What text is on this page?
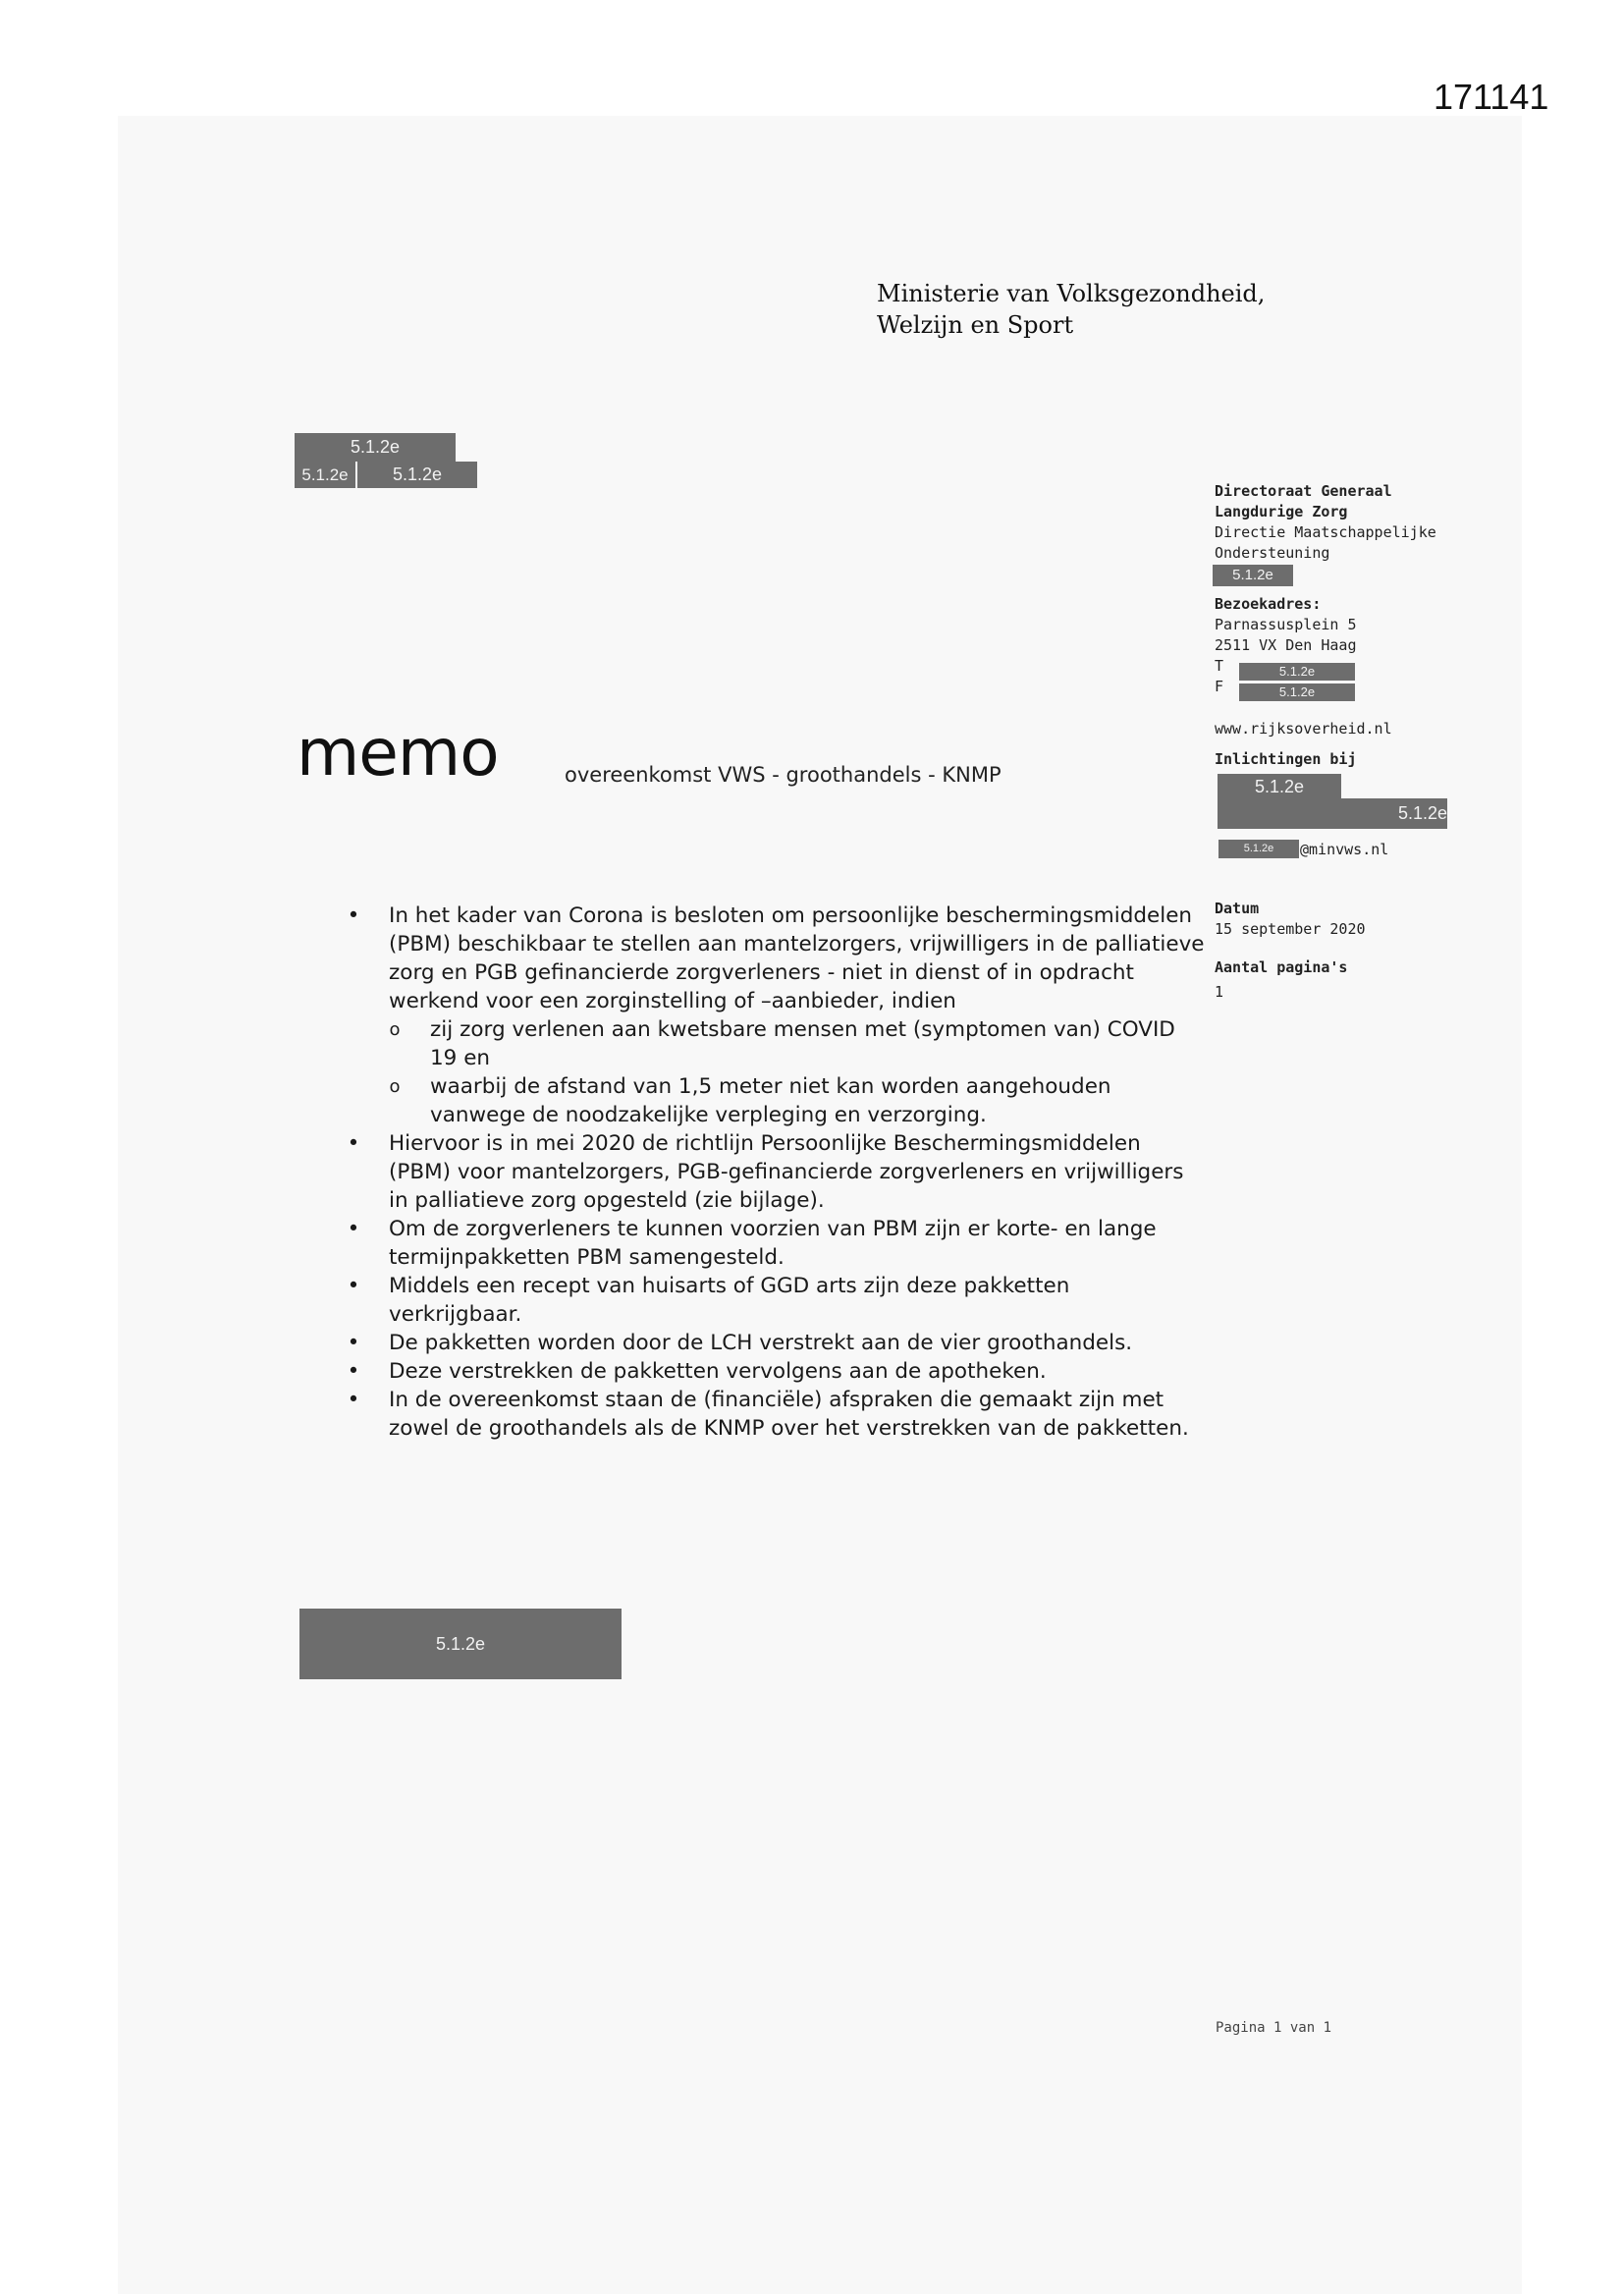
171141
Ministerie van Volksgezondheid,
Welzijn en Sport
5.1.2e
5.1.2e	5.1.2e
Directoraat Generaal
Langdurige Zorg
Directie Maatschappelijke
Ondersteuning
Bezoekadres:
Parnassusplein 5
2511 VX Den Haag
T
F
www.rijksoverheid.nl
Inlichtingen bij
5.1.2e
5.1.2e
5.1.2e
5.1.2e
5.1.2e
5.1.2e	@minvws.nl
Datum
15 september 2020
Aantal pagina's
1
memo	overeenkomst VWS - groothandels - KNMP
• In het kader van Corona is besloten om persoonlijke beschermingsmiddelen (PBM) beschikbaar te stellen aan mantelzorgers, vrijwilligers in de palliatieve zorg en PGB gefinancierde zorgverleners - niet in dienst of in opdracht werkend voor een zorginstelling of –aanbieder, indien
o zij zorg verlenen aan kwetsbare mensen met (symptomen van) COVID 19 en
o waarbij de afstand van 1,5 meter niet kan worden aangehouden vanwege de noodzakelijke verpleging en verzorging.
• Hiervoor is in mei 2020 de richtlijn Persoonlijke Beschermingsmiddelen (PBM) voor mantelzorgers, PGB-gefinancierde zorgverleners en vrijwilligers in palliatieve zorg opgesteld (zie bijlage).
• Om de zorgverleners te kunnen voorzien van PBM zijn er korte- en lange termijnpakketten PBM samengesteld.
• Middels een recept van huisarts of GGD arts zijn deze pakketten verkrijgbaar.
• De pakketten worden door de LCH verstrekt aan de vier groothandels.
• Deze verstrekken de pakketten vervolgens aan de apotheken.
• In de overeenkomst staan de (financiële) afspraken die gemaakt zijn met zowel de groothandels als de KNMP over het verstrekken van de pakketten.
5.1.2e
Pagina 1 van 1
